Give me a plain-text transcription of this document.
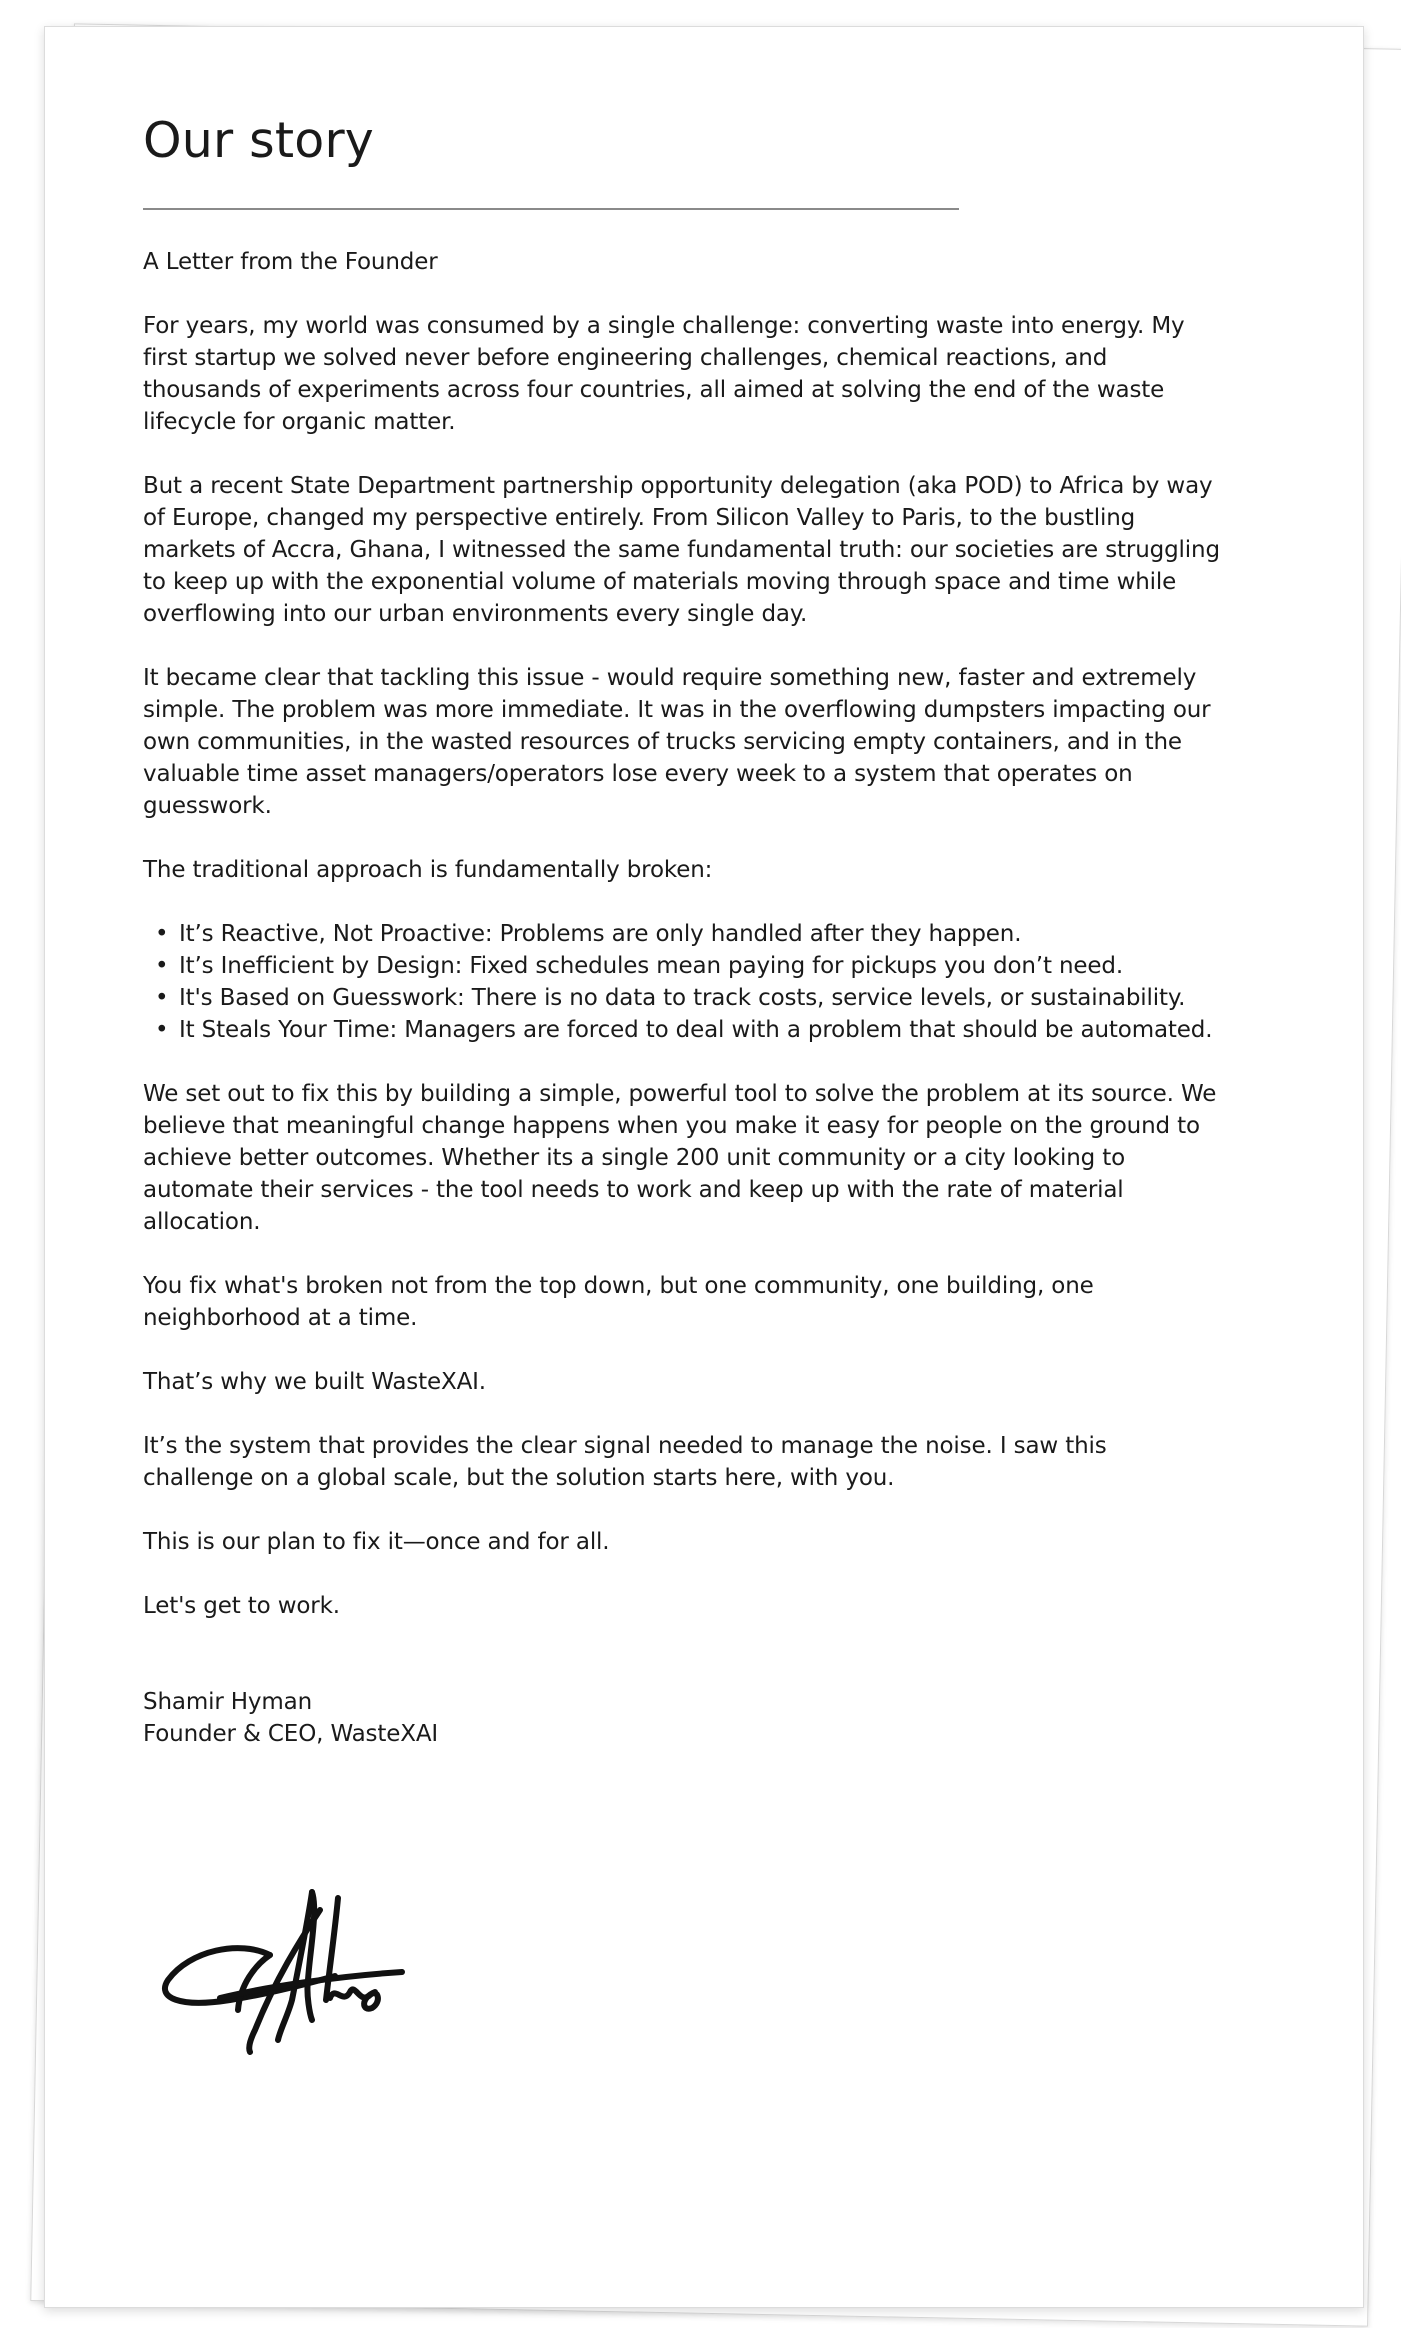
Our story

A Letter from the Founder

For years, my world was consumed by a single challenge: converting waste into energy. My first startup we solved never before engineering challenges, chemical reactions, and thousands of experiments across four countries, all aimed at solving the end of the waste lifecycle for organic matter.

But a recent State Department partnership opportunity delegation (aka POD) to Africa by way of Europe, changed my perspective entirely. From Silicon Valley to Paris, to the bustling markets of Accra, Ghana, I witnessed the same fundamental truth: our societies are struggling to keep up with the exponential volume of materials moving through space and time while overflowing into our urban environments every single day.

It became clear that tackling this issue - would require something new, faster and extremely simple. The problem was more immediate. It was in the overflowing dumpsters impacting our own communities, in the wasted resources of trucks servicing empty containers, and in the valuable time asset managers/operators lose every week to a system that operates on guesswork.

The traditional approach is fundamentally broken:

• It’s Reactive, Not Proactive: Problems are only handled after they happen.
• It’s Inefficient by Design: Fixed schedules mean paying for pickups you don’t need.
• It's Based on Guesswork: There is no data to track costs, service levels, or sustainability.
• It Steals Your Time: Managers are forced to deal with a problem that should be automated.

We set out to fix this by building a simple, powerful tool to solve the problem at its source. We believe that meaningful change happens when you make it easy for people on the ground to achieve better outcomes. Whether its a single 200 unit community or a city looking to automate their services - the tool needs to work and keep up with the rate of material allocation.

You fix what's broken not from the top down, but one community, one building, one neighborhood at a time.

That’s why we built WasteXAI.

It’s the system that provides the clear signal needed to manage the noise. I saw this challenge on a global scale, but the solution starts here, with you.

This is our plan to fix it—once and for all.

Let's get to work.

Shamir Hyman
Founder & CEO, WasteXAI
